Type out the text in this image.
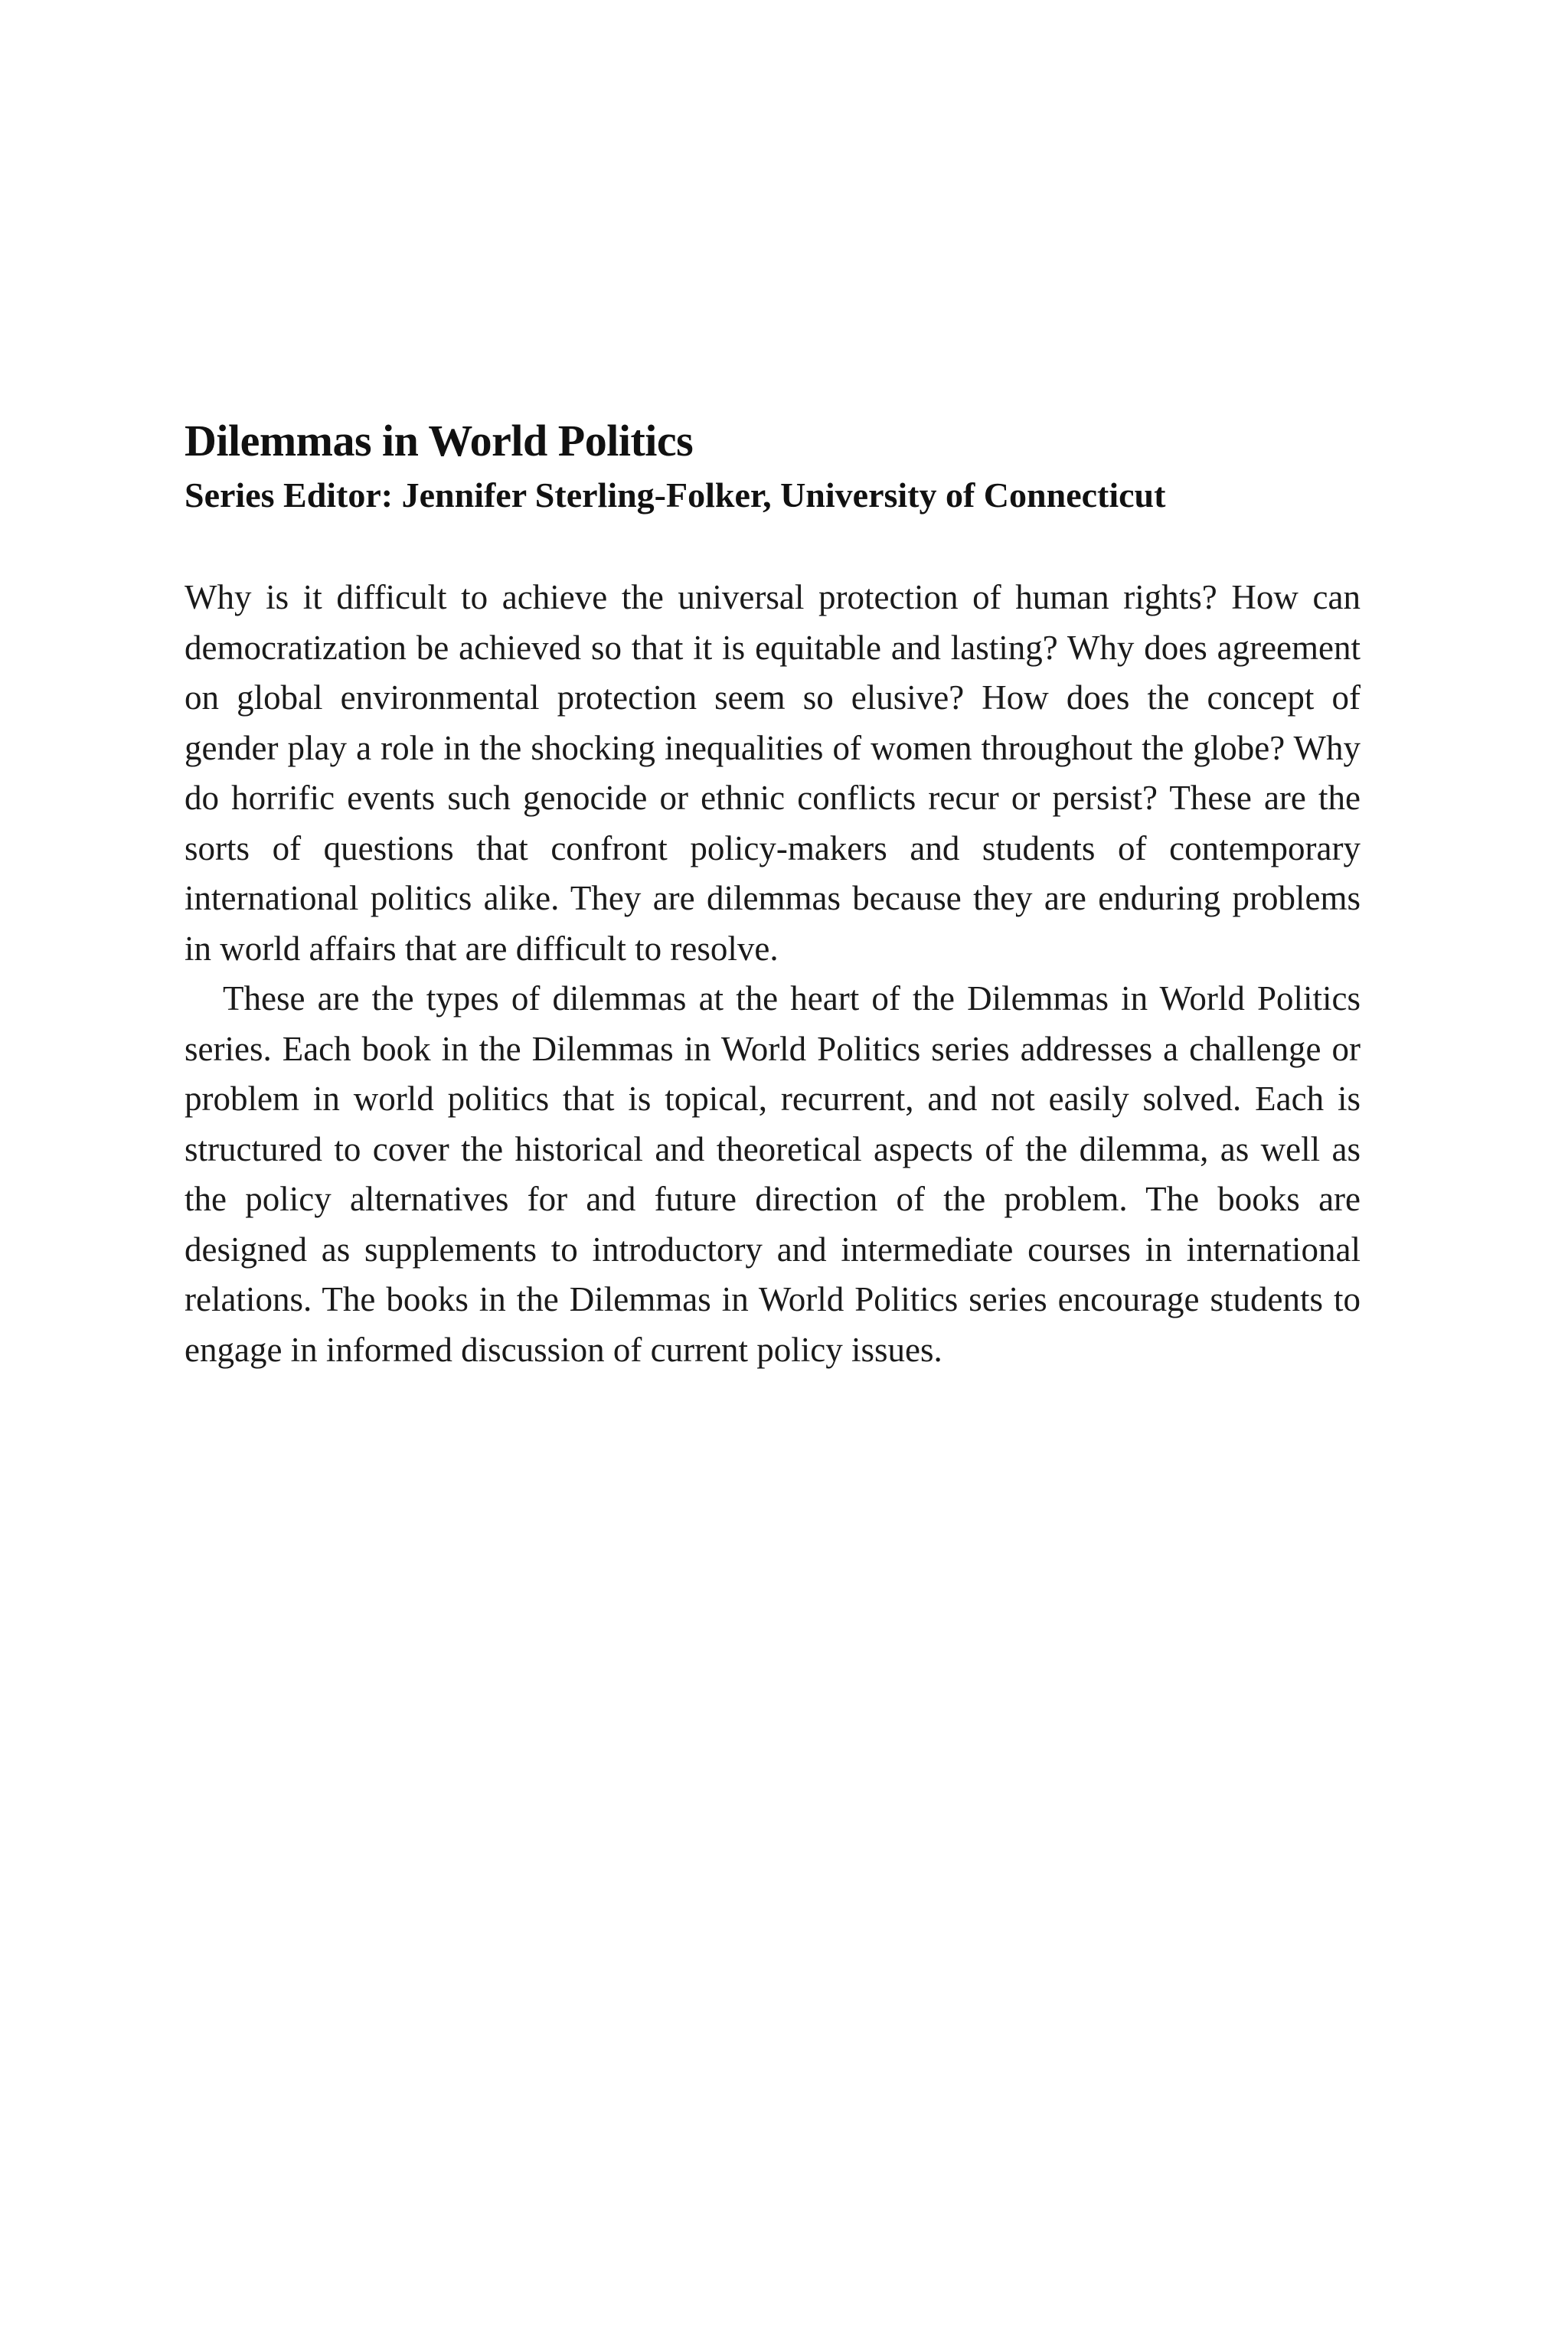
Dilemmas in World Politics
Series Editor: Jennifer Sterling-Folker, University of Connecticut

Why is it difficult to achieve the universal protection of human rights? How can democratization be achieved so that it is equitable and lasting? Why does agreement on global environmental protection seem so elusive? How does the concept of gender play a role in the shocking inequalities of women throughout the globe? Why do horrific events such genocide or ethnic conflicts recur or persist? These are the sorts of questions that confront policy-makers and students of contemporary international politics alike. They are dilemmas because they are enduring problems in world affairs that are difficult to resolve.

These are the types of dilemmas at the heart of the Dilemmas in World Politics series. Each book in the Dilemmas in World Politics series addresses a challenge or problem in world politics that is topical, recurrent, and not easily solved. Each is structured to cover the historical and theoretical aspects of the dilemma, as well as the policy alternatives for and future direction of the problem. The books are designed as supplements to introductory and intermediate courses in international relations. The books in the Dilemmas in World Politics series encourage students to engage in informed discussion of current policy issues.
